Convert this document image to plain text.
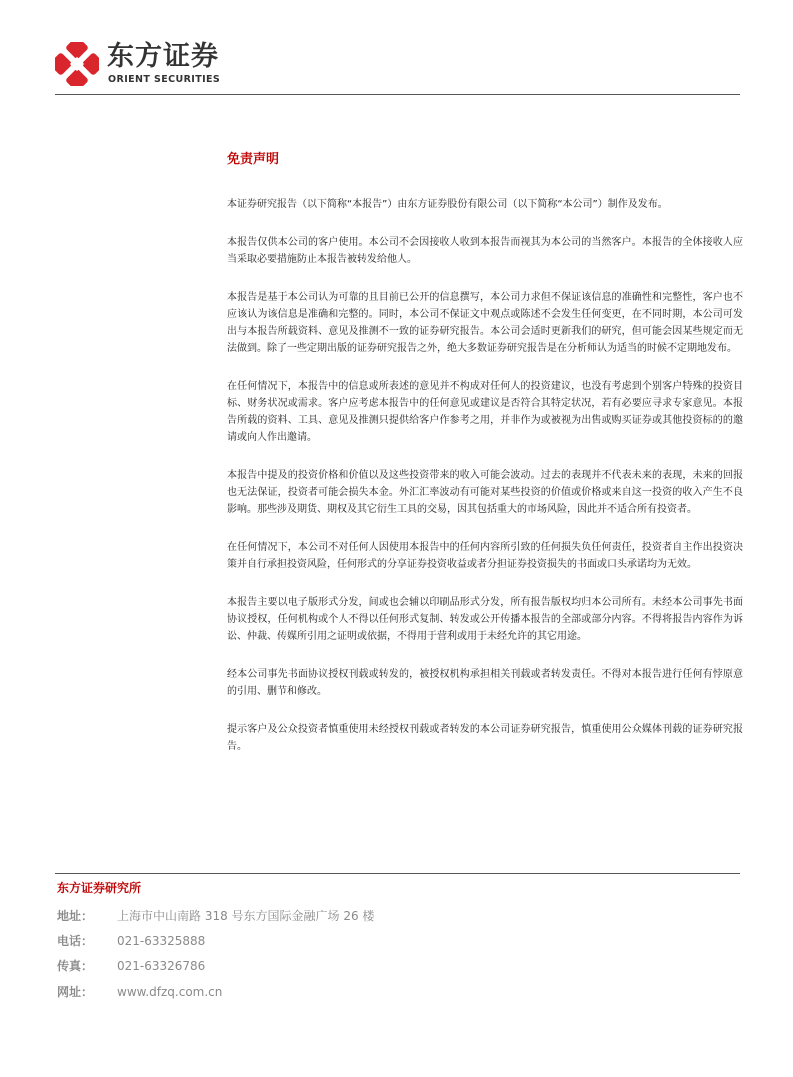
东方证券
ORIENT SECURITIES
免责声明

本证券研究报告（以下简称“本报告”）由东方证券股份有限公司（以下简称“本公司”）制作及发布。

本报告仅供本公司的客户使用。本公司不会因接收人收到本报告而视其为本公司的当然客户。本报告的全体接收人应当采取必要措施防止本报告被转发给他人。

本报告是基于本公司认为可靠的且目前已公开的信息撰写，本公司力求但不保证该信息的准确性和完整性，客户也不应该认为该信息是准确和完整的。同时，本公司不保证文中观点或陈述不会发生任何变更，在不同时期，本公司可发出与本报告所载资料、意见及推测不一致的证券研究报告。本公司会适时更新我们的研究，但可能会因某些规定而无法做到。除了一些定期出版的证券研究报告之外，绝大多数证券研究报告是在分析师认为适当的时候不定期地发布。

在任何情况下，本报告中的信息或所表述的意见并不构成对任何人的投资建议，也没有考虑到个别客户特殊的投资目标、财务状况或需求。客户应考虑本报告中的任何意见或建议是否符合其特定状况，若有必要应寻求专家意见。本报告所载的资料、工具、意见及推测只提供给客户作参考之用，并非作为或被视为出售或购买证券或其他投资标的的邀请或向人作出邀请。

本报告中提及的投资价格和价值以及这些投资带来的收入可能会波动。过去的表现并不代表未来的表现，未来的回报也无法保证，投资者可能会损失本金。外汇汇率波动有可能对某些投资的价值或价格或来自这一投资的收入产生不良影响。那些涉及期货、期权及其它衍生工具的交易，因其包括重大的市场风险，因此并不适合所有投资者。

在任何情况下，本公司不对任何人因使用本报告中的任何内容所引致的任何损失负任何责任，投资者自主作出投资决策并自行承担投资风险，任何形式的分享证券投资收益或者分担证券投资损失的书面或口头承诺均为无效。

本报告主要以电子版形式分发，间或也会辅以印刷品形式分发，所有报告版权均归本公司所有。未经本公司事先书面协议授权，任何机构或个人不得以任何形式复制、转发或公开传播本报告的全部或部分内容。不得将报告内容作为诉讼、仲裁、传媒所引用之证明或依据，不得用于营利或用于未经允许的其它用途。

经本公司事先书面协议授权刊载或转发的，被授权机构承担相关刊载或者转发责任。不得对本报告进行任何有悖原意的引用、删节和修改。

提示客户及公众投资者慎重使用未经授权刊载或者转发的本公司证券研究报告，慎重使用公众媒体刊载的证券研究报告。

东方证券研究所
地址： 上海市中山南路 318 号东方国际金融广场 26 楼
电话： 021-63325888
传真： 021-63326786
网址： www.dfzq.com.cn
